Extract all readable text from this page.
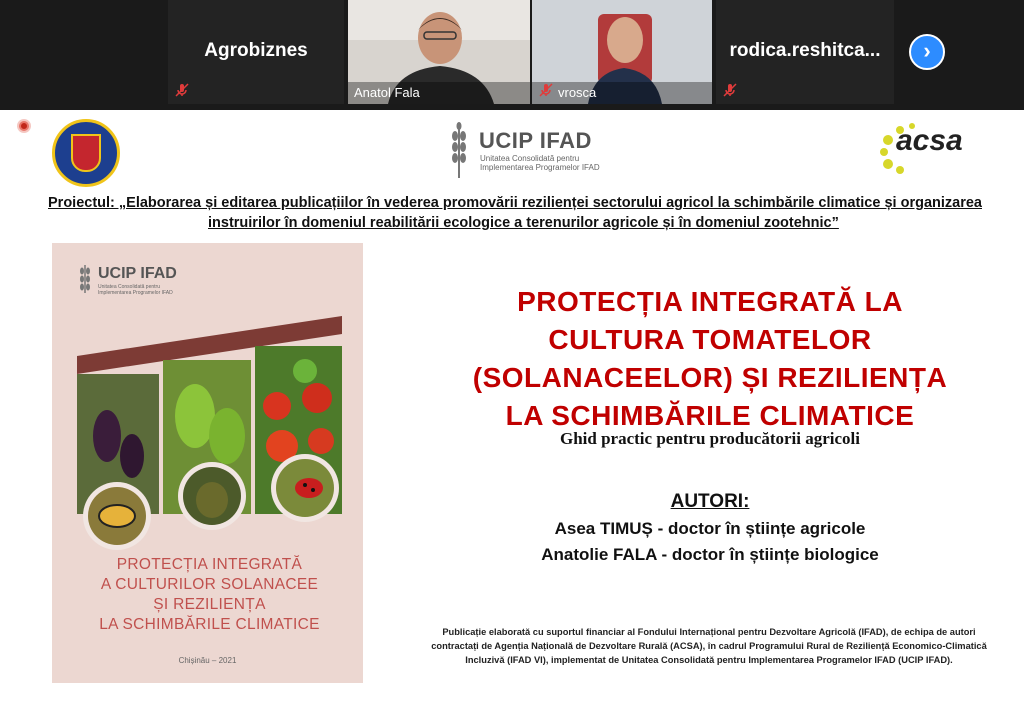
Agrobiznes
Anatol Fala	vrosca
rodica.reshitca...	›
UCIP IFAD
Unitatea Consolidată pentru Implementarea Programelor IFAD
acsa
Proiectul: „Elaborarea și editarea publicațiilor în vederea promovării rezilienței sectorului agricol la schimbările climatice și organizarea
instruirilor în domeniul reabilitării ecologice a terenurilor agricole și în domeniul zootehnic”
UCIP IFAD
Unitatea Consolidată pentru Implementarea Programelor IFAD
PROTECȚIA INTEGRATĂ
A CULTURILOR SOLANACEE
ȘI REZILIENȚA
LA SCHIMBĂRILE CLIMATICE
Chișinău – 2021
PROTECȚIA INTEGRATĂ LA
CULTURA TOMATELOR
(SOLANACEELOR) ȘI REZILIENȚA
LA SCHIMBĂRILE CLIMATICE
Ghid practic pentru producătorii agricoli
AUTORI:
Asea TIMUȘ - doctor în științe agricole
Anatolie FALA - doctor în științe biologice
Publicație elaborată cu suportul financiar al Fondului Internațional pentru Dezvoltare Agricolă (IFAD), de echipa de autori
contractați de Agenția Națională de Dezvoltare Rurală (ACSA), în cadrul Programului Rural de Reziliență Economico-Climatică
Incluzivă (IFAD VI), implementat de Unitatea Consolidată pentru Implementarea Programelor IFAD (UCIP IFAD).
